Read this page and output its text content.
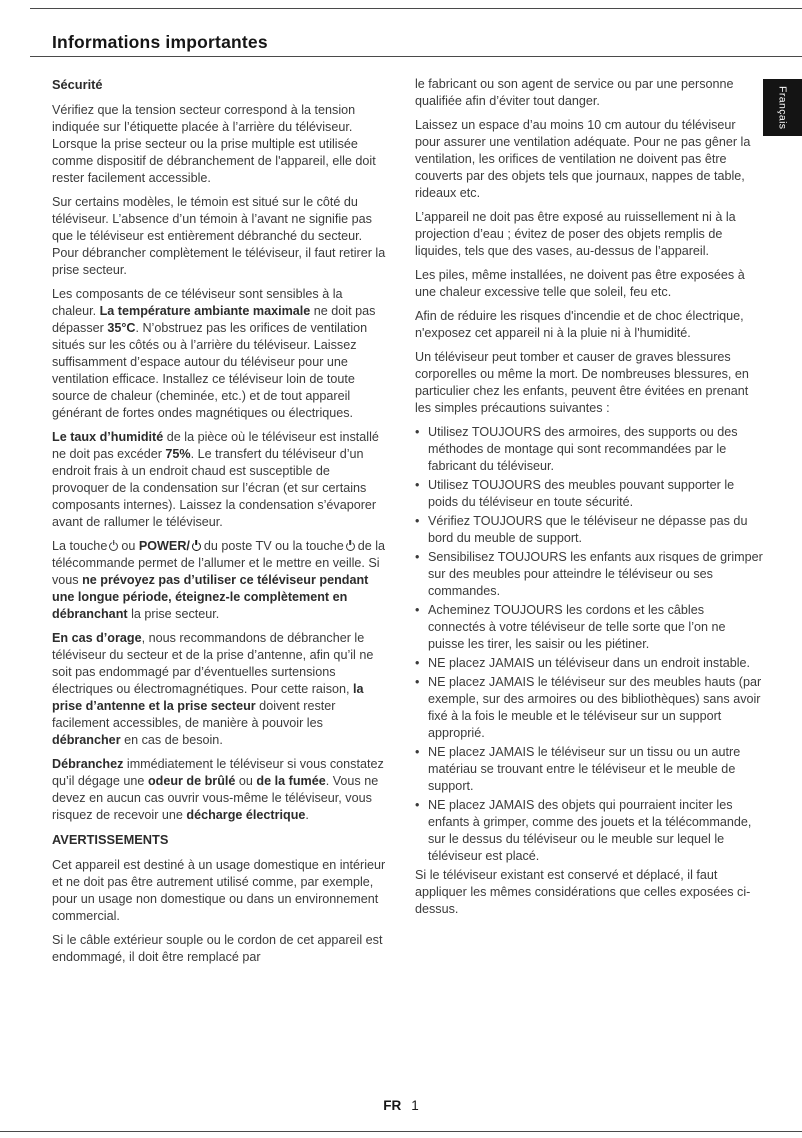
Informations importantes
Sécurité

Vérifiez que la tension secteur correspond à la tension indiquée sur l’étiquette placée à l’arrière du téléviseur. Lorsque la prise secteur ou la prise multiple est utilisée comme dispositif de débranchement de l'appareil, elle doit rester facilement accessible.

Sur certains modèles, le témoin est situé sur le côté du téléviseur. L’absence d’un témoin à l’avant ne signifie pas que le téléviseur est entièrement débranché du secteur. Pour débrancher complètement le téléviseur, il faut retirer la prise secteur.

Les composants de ce téléviseur sont sensibles à la chaleur. La température ambiante maximale ne doit pas dépasser 35°C. N’obstruez pas les orifices de ventilation situés sur les côtés ou à l’arrière du téléviseur. Laissez suffisamment d’espace autour du téléviseur pour une ventilation efficace. Installez ce téléviseur loin de toute source de chaleur (cheminée, etc.) et de tout appareil générant de fortes ondes magnétiques ou électriques.

Le taux d’humidité de la pièce où le téléviseur est installé ne doit pas excéder 75%. Le transfert du téléviseur d’un endroit frais à un endroit chaud est susceptible de provoquer de la condensation sur l’écran (et sur certains composants internes). Laissez la condensation s’évaporer avant de rallumer le téléviseur.

La touche ou POWER/ du poste TV ou la touche de la télécommande permet de l’allumer et le mettre en veille. Si vous ne prévoyez pas d’utiliser ce téléviseur pendant une longue période, éteignez-le complètement en débranchant la prise secteur.

En cas d’orage, nous recommandons de débrancher le téléviseur du secteur et de la prise d’antenne, afin qu’il ne soit pas endommagé par d’éventuelles surtensions électriques ou électromagnétiques. Pour cette raison, la prise d’antenne et la prise secteur doivent rester facilement accessibles, de manière à pouvoir les débrancher en cas de besoin.

Débranchez immédiatement le téléviseur si vous constatez qu’il dégage une odeur de brûlé ou de la fumée. Vous ne devez en aucun cas ouvrir vous-même le téléviseur, vous risquez de recevoir une décharge électrique.

AVERTISSEMENTS

Cet appareil est destiné à un usage domestique en intérieur et ne doit pas être autrement utilisé comme, par exemple, pour un usage non domestique ou dans un environnement commercial.

Si le câble extérieur souple ou le cordon de cet appareil est endommagé, il doit être remplacé par

le fabricant ou son agent de service ou par une personne qualifiée afin d’éviter tout danger.

Laissez un espace d’au moins 10 cm autour du téléviseur pour assurer une ventilation adéquate. Pour ne pas gêner la ventilation, les orifices de ventilation ne doivent pas être couverts par des objets tels que journaux, nappes de table, rideaux etc.

L’appareil ne doit pas être exposé au ruissellement ni à la projection d’eau ; évitez de poser des objets remplis de liquides, tels que des vases, au-dessus de l’appareil.

Les piles, même installées, ne doivent pas être exposées à une chaleur excessive telle que soleil, feu etc.

Afin de réduire les risques d'incendie et de choc électrique, n'exposez cet appareil ni à la pluie ni à l'humidité.

Un téléviseur peut tomber et causer de graves blessures corporelles ou même la mort. De nombreuses blessures, en particulier chez les enfants, peuvent être évitées en prenant les simples précautions suivantes :

• Utilisez TOUJOURS des armoires, des supports ou des méthodes de montage qui sont recommandées par le fabricant du téléviseur.
• Utilisez TOUJOURS des meubles pouvant supporter le poids du téléviseur en toute sécurité.
• Vérifiez TOUJOURS que le téléviseur ne dépasse pas du bord du meuble de support.
• Sensibilisez TOUJOURS les enfants aux risques de grimper sur des meubles pour atteindre le téléviseur ou ses commandes.
• Acheminez TOUJOURS les cordons et les câbles connectés à votre téléviseur de telle sorte que l’on ne puisse les tirer, les saisir ou les piétiner.
• NE placez JAMAIS un téléviseur dans un endroit instable.
• NE placez JAMAIS le téléviseur sur des meubles hauts (par exemple, sur des armoires ou des bibliothèques) sans avoir fixé à la fois le meuble et le téléviseur sur un support approprié.
• NE placez JAMAIS le téléviseur sur un tissu ou un autre matériau se trouvant entre le téléviseur et le meuble de support.
• NE placez JAMAIS des objets qui pourraient inciter les enfants à grimper, comme des jouets et la télécommande, sur le dessus du téléviseur ou le meuble sur lequel le téléviseur est placé.

Si le téléviseur existant est conservé et déplacé, il faut appliquer les mêmes considérations que celles exposées ci-dessus.

Français
FR 1
